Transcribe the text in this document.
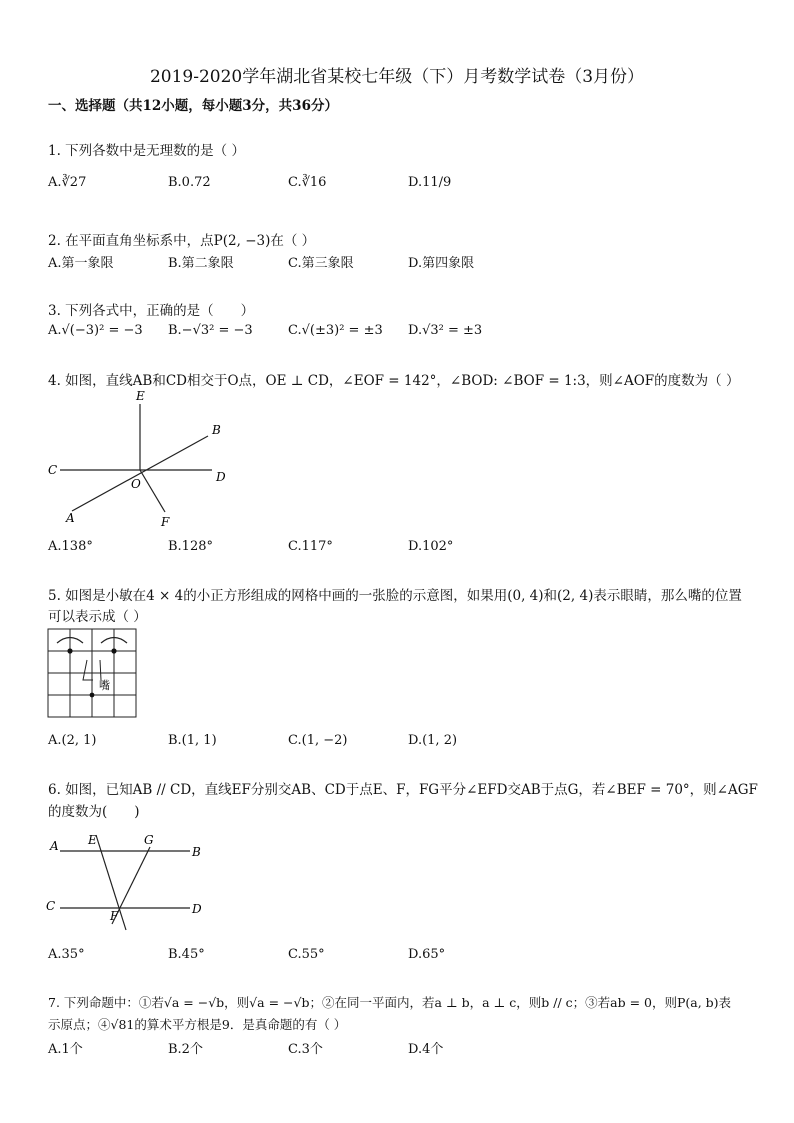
2019-2020学年湖北省某校七年级（下）月考数学试卷（3月份）
一、选择题（共12小题，每小题3分，共36分）
1. 下列各数中是无理数的是（ ）
A.∛27	B.0.72̇	C.∛16	D.11/9
2. 在平面直角坐标系中，点P(2, −3)在（ ）
A.第一象限	B.第二象限	C.第三象限	D.第四象限
3. 下列各式中，正确的是（　　）
A.√(−3)² = −3 B.−√3² = −3	C.√(±3)² = ±3 D.√3² = ±3
4. 如图，直线AB和CD相交于O点，OE ⊥ CD，∠EOF = 142°，∠BOD: ∠BOF = 1:3，则∠AOF的度数为（ ）
E
B
C	D
O
A	F
A.138°	B.128°	C.117°	D.102°
5. 如图是小敏在4 × 4的小正方形组成的网格中画的一张脸的示意图，如果用(0, 4)和(2, 4)表示眼睛，那么嘴的位置
可以表示成（ ）
嘴
A.(2, 1)	B.(1, 1)	C.(1, −2)	D.(1, 2)
6. 如图，已知AB // CD，直线EF分别交AB、CD于点E、F，FG平分∠EFD交AB于点G，若∠BEF = 70°，则∠AGF
的度数为(　　)
A E	G
B
C
F	D
A.35°	B.45°	C.55°	D.65°
7. 下列命题中：①若√a = −√b，则√a = −√b；②在同一平面内，若a ⊥ b，a ⊥ c，则b // c；③若ab = 0，则P(a, b)表
示原点；④√81的算术平方根是9．是真命题的有（ ）
A.1个	B.2个	C.3个	D.4个
